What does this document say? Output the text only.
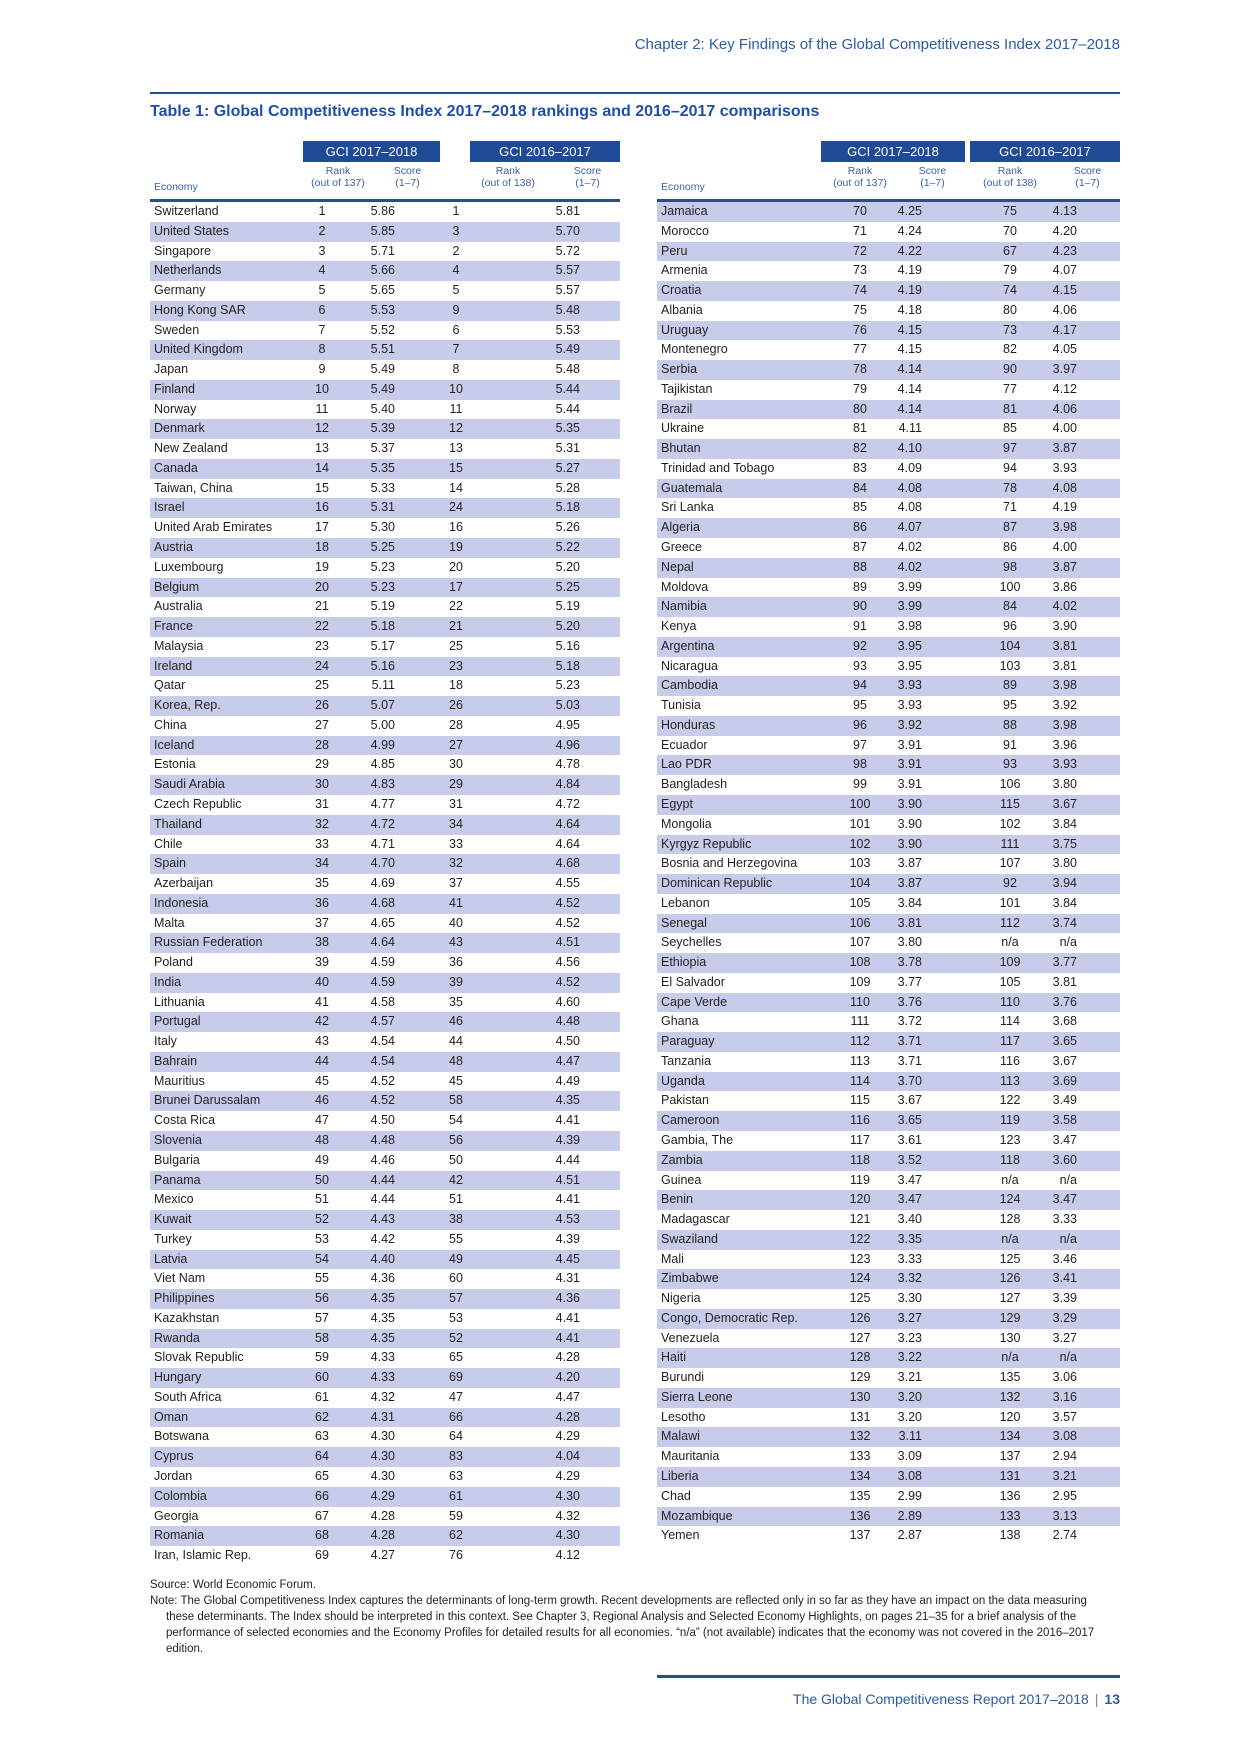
Chapter 2: Key Findings of the Global Competitiveness Index 2017–2018
Table 1: Global Competitiveness Index 2017–2018 rankings and 2016–2017 comparisons
GCI 2017–2018	GCI 2016–2017
Economy
Rank
(out of 137)
Score
(1–7)
Rank
(out of 138)
Score
(1–7)
Switzerland	1	5.86	1	5.81
United States	2	5.85	3	5.70
Singapore	3	5.71	2	5.72
Netherlands	4	5.66	4	5.57
Germany	5	5.65	5	5.57
Hong Kong SAR	6	5.53	9	5.48
Sweden	7	5.52	6	5.53
United Kingdom	8	5.51	7	5.49
Japan	9	5.49	8	5.48
Finland	10	5.49	10	5.44
Norway	11	5.40	11	5.44
Denmark	12	5.39	12	5.35
New Zealand	13	5.37	13	5.31
Canada	14	5.35	15	5.27
Taiwan, China	15	5.33	14	5.28
Israel	16	5.31	24	5.18
United Arab Emirates	17	5.30	16	5.26
Austria	18	5.25	19	5.22
Luxembourg	19	5.23	20	5.20
Belgium	20	5.23	17	5.25
Australia	21	5.19	22	5.19
France	22	5.18	21	5.20
Malaysia	23	5.17	25	5.16
Ireland	24	5.16	23	5.18
Qatar	25	5.11	18	5.23
Korea, Rep.	26	5.07	26	5.03
China	27	5.00	28	4.95
Iceland	28	4.99	27	4.96
Estonia	29	4.85	30	4.78
Saudi Arabia	30	4.83	29	4.84
Czech Republic	31	4.77	31	4.72
Thailand	32	4.72	34	4.64
Chile	33	4.71	33	4.64
Spain	34	4.70	32	4.68
Azerbaijan	35	4.69	37	4.55
Indonesia	36	4.68	41	4.52
Malta	37	4.65	40	4.52
Russian Federation	38	4.64	43	4.51
Poland	39	4.59	36	4.56
India	40	4.59	39	4.52
Lithuania	41	4.58	35	4.60
Portugal	42	4.57	46	4.48
Italy	43	4.54	44	4.50
Bahrain	44	4.54	48	4.47
Mauritius	45	4.52	45	4.49
Brunei Darussalam	46	4.52	58	4.35
Costa Rica	47	4.50	54	4.41
Slovenia	48	4.48	56	4.39
Bulgaria	49	4.46	50	4.44
Panama	50	4.44	42	4.51
Mexico	51	4.44	51	4.41
Kuwait	52	4.43	38	4.53
Turkey	53	4.42	55	4.39
Latvia	54	4.40	49	4.45
Viet Nam	55	4.36	60	4.31
Philippines	56	4.35	57	4.36
Kazakhstan	57	4.35	53	4.41
Rwanda	58	4.35	52	4.41
Slovak Republic	59	4.33	65	4.28
Hungary	60	4.33	69	4.20
South Africa	61	4.32	47	4.47
Oman	62	4.31	66	4.28
Botswana	63	4.30	64	4.29
Cyprus	64	4.30	83	4.04
Jordan	65	4.30	63	4.29
Colombia	66	4.29	61	4.30
Georgia	67	4.28	59	4.32
Romania	68	4.28	62	4.30
Iran, Islamic Rep.	69	4.27	76	4.12
GCI 2017–2018	GCI 2016–2017
Economy
Rank
(out of 137)
Score
(1–7)
Rank
(out of 138)
Score
(1–7)
Jamaica	70	4.25	75	4.13
Morocco	71	4.24	70	4.20
Peru	72	4.22	67	4.23
Armenia	73	4.19	79	4.07
Croatia	74	4.19	74	4.15
Albania	75	4.18	80	4.06
Uruguay	76	4.15	73	4.17
Montenegro	77	4.15	82	4.05
Serbia	78	4.14	90	3.97
Tajikistan	79	4.14	77	4.12
Brazil	80	4.14	81	4.06
Ukraine	81	4.11	85	4.00
Bhutan	82	4.10	97	3.87
Trinidad and Tobago	83	4.09	94	3.93
Guatemala	84	4.08	78	4.08
Sri Lanka	85	4.08	71	4.19
Algeria	86	4.07	87	3.98
Greece	87	4.02	86	4.00
Nepal	88	4.02	98	3.87
Moldova	89	3.99	100	3.86
Namibia	90	3.99	84	4.02
Kenya	91	3.98	96	3.90
Argentina	92	3.95	104	3.81
Nicaragua	93	3.95	103	3.81
Cambodia	94	3.93	89	3.98
Tunisia	95	3.93	95	3.92
Honduras	96	3.92	88	3.98
Ecuador	97	3.91	91	3.96
Lao PDR	98	3.91	93	3.93
Bangladesh	99	3.91	106	3.80
Egypt	100	3.90	115	3.67
Mongolia	101	3.90	102	3.84
Kyrgyz Republic	102	3.90	111	3.75
Bosnia and Herzegovina	103	3.87	107	3.80
Dominican Republic	104	3.87	92	3.94
Lebanon	105	3.84	101	3.84
Senegal	106	3.81	112	3.74
Seychelles	107	3.80	n/a	n/a
Ethiopia	108	3.78	109	3.77
El Salvador	109	3.77	105	3.81
Cape Verde	110	3.76	110	3.76
Ghana	111	3.72	114	3.68
Paraguay	112	3.71	117	3.65
Tanzania	113	3.71	116	3.67
Uganda	114	3.70	113	3.69
Pakistan	115	3.67	122	3.49
Cameroon	116	3.65	119	3.58
Gambia, The	117	3.61	123	3.47
Zambia	118	3.52	118	3.60
Guinea	119	3.47	n/a	n/a
Benin	120	3.47	124	3.47
Madagascar	121	3.40	128	3.33
Swaziland	122	3.35	n/a	n/a
Mali	123	3.33	125	3.46
Zimbabwe	124	3.32	126	3.41
Nigeria	125	3.30	127	3.39
Congo, Democratic Rep.	126	3.27	129	3.29
Venezuela	127	3.23	130	3.27
Haiti	128	3.22	n/a	n/a
Burundi	129	3.21	135	3.06
Sierra Leone	130	3.20	132	3.16
Lesotho	131	3.20	120	3.57
Malawi	132	3.11	134	3.08
Mauritania	133	3.09	137	2.94
Liberia	134	3.08	131	3.21
Chad	135	2.99	136	2.95
Mozambique	136	2.89	133	3.13
Yemen	137	2.87	138	2.74
Source: World Economic Forum.
Note: The Global Competitiveness Index captures the determinants of long-term growth. Recent developments are reflected only in so far as they have an impact on the data measuring these determinants. The Index should be interpreted in this context. See Chapter 3, Regional Analysis and Selected Economy Highlights, on pages 21–35 for a brief analysis of the performance of selected economies and the Economy Profiles for detailed results for all economies. “n/a” (not available) indicates that the economy was not covered in the 2016–2017 edition.
The Global Competitiveness Report 2017–2018 | 13
